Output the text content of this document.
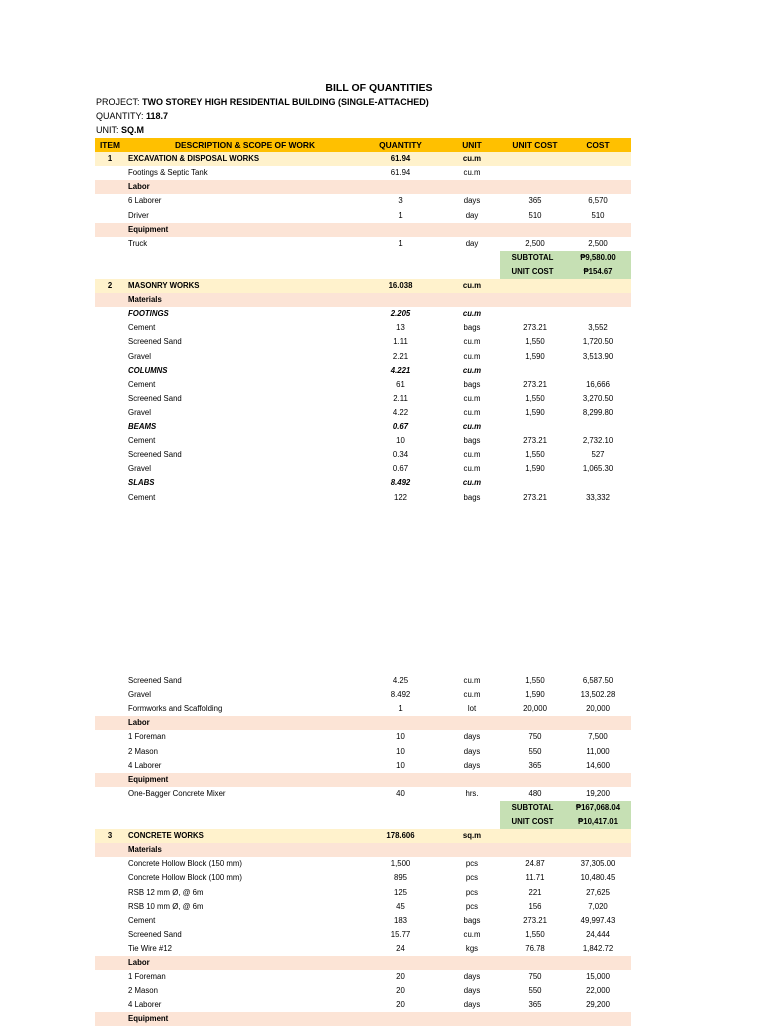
BILL OF QUANTITIES
PROJECT: TWO STOREY HIGH RESIDENTIAL BUILDING (SINGLE-ATTACHED)
QUANTITY: 118.7
UNIT: SQ.M
ITEM	DESCRIPTION & SCOPE OF WORK	QUANTITY	UNIT	UNIT COST	COST
1	EXCAVATION & DISPOSAL WORKS	61.94	cu.m
Footings & Septic Tank	61.94	cu.m
Labor
6 Laborer	3	days	365	6,570
Driver	1	day	510	510
Equipment
Truck	1	day	2,500	2,500
SUBTOTAL	₱9,580.00
UNIT COST	₱154.67
2	MASONRY WORKS	16.038	cu.m
Materials
FOOTINGS	2.205	cu.m
Cement	13	bags	273.21	3,552
Screened Sand	1.11	cu.m	1,550	1,720.50
Gravel	2.21	cu.m	1,590	3,513.90
COLUMNS	4.221	cu.m
Cement	61	bags	273.21	16,666
Screened Sand	2.11	cu.m	1,550	3,270.50
Gravel	4.22	cu.m	1,590	8,299.80
BEAMS	0.67	cu.m
Cement	10	bags	273.21	2,732.10
Screened Sand	0.34	cu.m	1,550	527
Gravel	0.67	cu.m	1,590	1,065.30
SLABS	8.492	cu.m
Cement	122	bags	273.21	33,332
Screened Sand	4.25	cu.m	1,550	6,587.50
Gravel	8.492	cu.m	1,590	13,502.28
Formworks and Scaffolding	1	lot	20,000	20,000
Labor
1 Foreman	10	days	750	7,500
2 Mason	10	days	550	11,000
4 Laborer	10	days	365	14,600
Equipment
One-Bagger Concrete Mixer	40	hrs.	480	19,200
SUBTOTAL	₱167,068.04
UNIT COST	₱10,417.01
3	CONCRETE WORKS	178.606	sq.m
Materials
Concrete Hollow Block (150 mm)	1,500	pcs	24.87	37,305.00
Concrete Hollow Block (100 mm)	895	pcs	11.71	10,480.45
RSB 12 mm Ø, @ 6m	125	pcs	221	27,625
RSB 10 mm Ø, @ 6m	45	pcs	156	7,020
Cement	183	bags	273.21	49,997.43
Screened Sand	15.77	cu.m	1,550	24,444
Tie Wire #12	24	kgs	76.78	1,842.72
Labor
1 Foreman	20	days	750	15,000
2 Mason	20	days	550	22,000
4 Laborer	20	days	365	29,200
Equipment
